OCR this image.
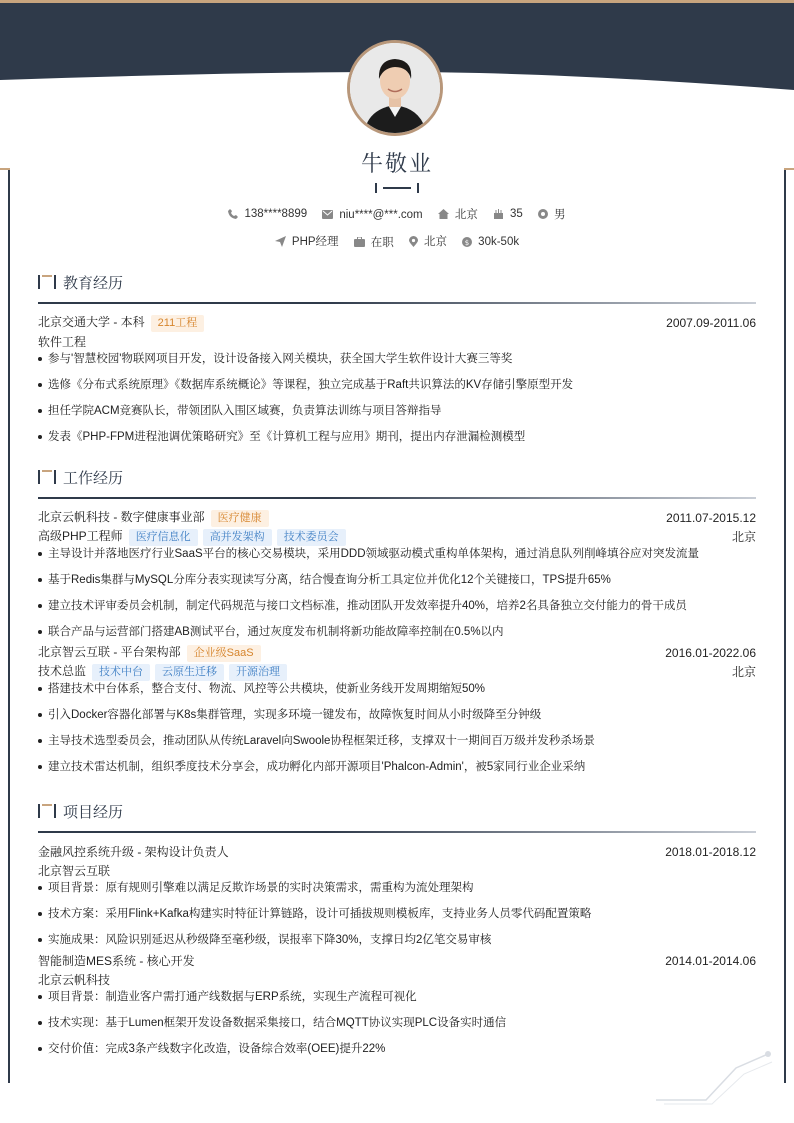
牛敬业
138****8899
	niu****@***.com
	北京
	35
	男
PHP经理
	在职
	北京
	$ 30k-50k
教育经历
北京交通大学 - 本科 211工程	2007.09-2011.06
软件工程
参与'智慧校园'物联网项目开发，设计设备接入网关模块，获全国大学生软件设计大赛三等奖
选修《分布式系统原理》《数据库系统概论》等课程，独立完成基于Raft共识算法的KV存储引擎原型开发
担任学院ACM竞赛队长，带领团队入围区域赛，负责算法训练与项目答辩指导
发表《PHP-FPM进程池调优策略研究》至《计算机工程与应用》期刊，提出内存泄漏检测模型
工作经历
北京云帆科技 - 数字健康事业部 医疗健康	2011.07-2015.12
高级PHP工程师 医疗信息化 高并发架构 技术委员会	北京
主导设计并落地医疗行业SaaS平台的核心交易模块，采用DDD领域驱动模式重构单体架构，通过消息队列削峰填谷应对突发流量
基于Redis集群与MySQL分库分表实现读写分离，结合慢查询分析工具定位并优化12个关键接口，TPS提升65%
建立技术评审委员会机制，制定代码规范与接口文档标准，推动团队开发效率提升40%，培养2名具备独立交付能力的骨干成员
联合产品与运营部门搭建AB测试平台，通过灰度发布机制将新功能故障率控制在0.5%以内
北京智云互联 - 平台架构部 企业级SaaS	2016.01-2022.06
技术总监 技术中台 云原生迁移 开源治理	北京
搭建技术中台体系，整合支付、物流、风控等公共模块，使新业务线开发周期缩短50%
引入Docker容器化部署与K8s集群管理，实现多环境一键发布，故障恢复时间从小时级降至分钟级
主导技术选型委员会，推动团队从传统Laravel向Swoole协程框架迁移，支撑双十一期间百万级并发秒杀场景
建立技术雷达机制，组织季度技术分享会，成功孵化内部开源项目'Phalcon-Admin'，被5家同行业企业采纳
项目经历
金融风控系统升级 - 架构设计负责人	2018.01-2018.12
北京智云互联
项目背景：原有规则引擎难以满足反欺诈场景的实时决策需求，需重构为流处理架构
技术方案：采用Flink+Kafka构建实时特征计算链路，设计可插拔规则模板库，支持业务人员零代码配置策略
实施成果：风险识别延迟从秒级降至毫秒级，误报率下降30%，支撑日均2亿笔交易审核
智能制造MES系统 - 核心开发	2014.01-2014.06
北京云帆科技
项目背景：制造业客户需打通产线数据与ERP系统，实现生产流程可视化
技术实现：基于Lumen框架开发设备数据采集接口，结合MQTT协议实现PLC设备实时通信
交付价值：完成3条产线数字化改造，设备综合效率(OEE)提升22%
